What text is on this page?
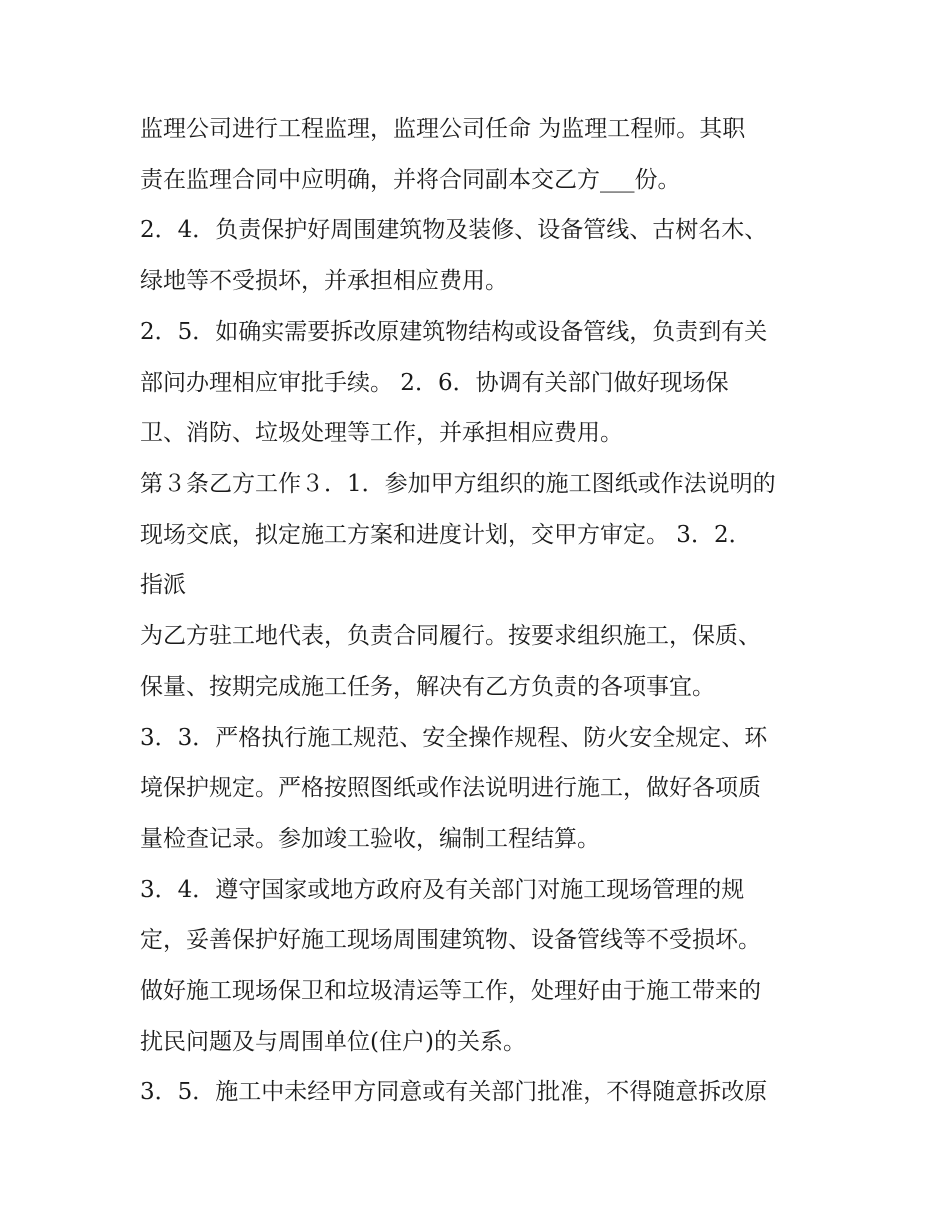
监理公司进行工程监理，监理公司任命 为监理工程师。其职
责在监理合同中应明确，并将合同副本交乙方___份。
2．4．负责保护好周围建筑物及装修、设备管线、古树名木、
绿地等不受损坏，并承担相应费用。
2．5．如确实需要拆改原建筑物结构或设备管线，负责到有关
部问办理相应审批手续。 2．6．协调有关部门做好现场保
卫、消防、垃圾处理等工作，并承担相应费用。
第３条乙方工作３．1．参加甲方组织的施工图纸或作法说明的
现场交底，拟定施工方案和进度计划，交甲方审定。 3．2．
指派
为乙方驻工地代表，负责合同履行。按要求组织施工，保质、
保量、按期完成施工任务，解决有乙方负责的各项事宜。
3．3．严格执行施工规范、安全操作规程、防火安全规定、环
境保护规定。严格按照图纸或作法说明进行施工，做好各项质
量检查记录。参加竣工验收，编制工程结算。
3．4．遵守国家或地方政府及有关部门对施工现场管理的规
定，妥善保护好施工现场周围建筑物、设备管线等不受损坏。
做好施工现场保卫和垃圾清运等工作，处理好由于施工带来的
扰民问题及与周围单位(住户)的关系。
3．5．施工中未经甲方同意或有关部门批准，不得随意拆改原
